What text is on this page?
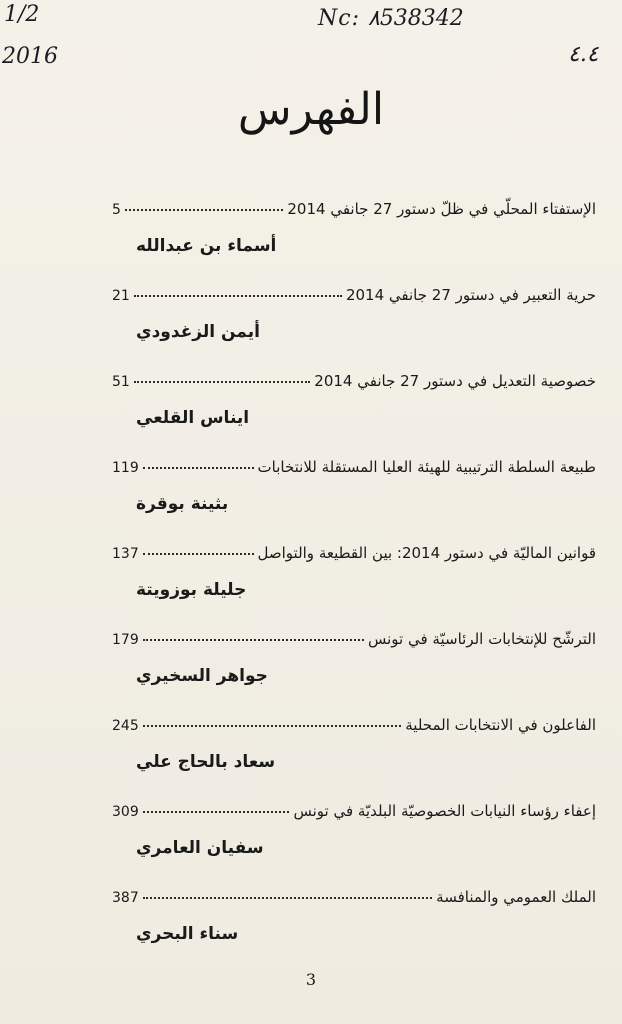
1/2
2016
Nc: ٨538342
٤.٤
الفهرس
5	الإستفتاء المحلّي في ظلّ دستور 27 جانفي 2014
أسماء بن عبدالله
21	حرية التعبير في دستور 27 جانفي 2014
أيمن الزغدودي
51	خصوصية التعديل في دستور 27 جانفي 2014
ايناس القلعي
119	طبيعة السلطة الترتيبية للهيئة العليا المستقلة للانتخابات
بثينة بوقرة
137	قوانين الماليّة في دستور 2014: بين القطيعة والتواصل
جليلة بوزويتة
179	الترشّح للإنتخابات الرئاسيّة في تونس
جواهر السخيري
245	الفاعلون في الانتخابات المحلية
سعاد بالحاج علي
309	إعفاء رؤساء النيابات الخصوصيّة البلديّة في تونس
سفيان العامري
387	الملك العمومي والمنافسة
سناء البحري
3
